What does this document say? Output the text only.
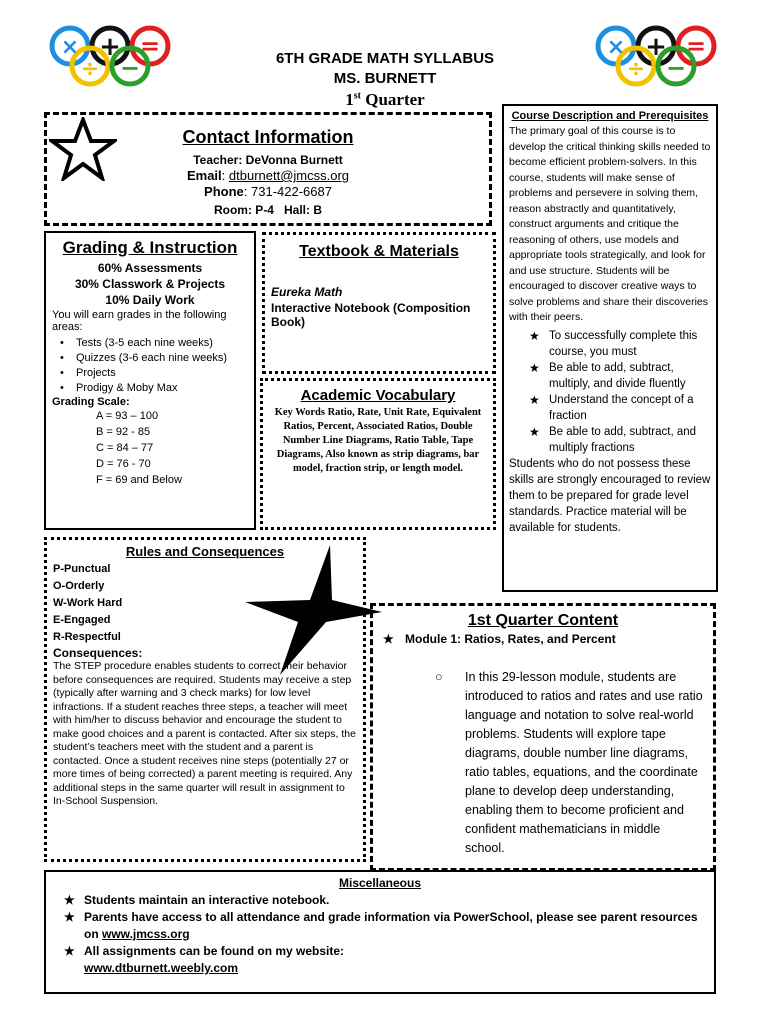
× + =
÷ −
× + =
÷ −
6TH GRADE MATH SYLLABUS
MS. BURNETT
1st Quarter
Contact Information
Teacher: DeVonna Burnett
Email: dtburnett@jmcss.org
Phone: 731-422-6687
Room: P-4   Hall: B
Grading & Instruction
60% Assessments
30% Classwork & Projects
10% Daily Work
You will earn grades in the following areas:
• Tests (3-5 each nine weeks)
• Quizzes (3-6 each nine weeks)
• Projects
• Prodigy & Moby Max
Grading Scale:
A = 93 – 100
B = 92 - 85
C = 84 – 77
D = 76 - 70
F = 69 and Below
Textbook & Materials
Eureka Math
Interactive Notebook (Composition Book)
Academic Vocabulary
Key Words Ratio, Rate, Unit Rate, Equivalent Ratios, Percent, Associated Ratios, Double Number Line Diagrams, Ratio Table, Tape Diagrams, Also known as strip diagrams, bar model, fraction strip, or length model.
Course Description and Prerequisites
The primary goal of this course is to develop the critical thinking skills needed to become efficient problem-solvers. In this course, students will make sense of problems and persevere in solving them, reason abstractly and quantitatively, construct arguments and critique the reasoning of others, use models and appropriate tools strategically, and look for and use structure. Students will be encouraged to discover creative ways to solve problems and share their discoveries with their peers.
★ To successfully complete this course, you must
★ Be able to add, subtract, multiply, and divide fluently
★ Understand the concept of a fraction
★ Be able to add, subtract, and multiply fractions
Students who do not possess these skills are strongly encouraged to review them to be prepared for grade level standards. Practice material will be available for students.
Rules and Consequences
P-Punctual
O-Orderly
W-Work Hard
E-Engaged
R-Respectful
Consequences:
The STEP procedure enables students to correct their behavior before consequences are required. Students may receive a step (typically after warning and 3 check marks) for low level infractions. If a student reaches three steps, a teacher will meet with him/her to discuss behavior and encourage the student to make good choices and a parent is contacted. After six steps, the student’s teachers meet with the student and a parent is contacted. Once a student receives nine steps (potentially 27 or more times of being corrected) a parent meeting is required. Any additional steps in the same quarter will result in assignment to In-School Suspension.
1st Quarter Content
★ Module 1: Ratios, Rates, and Percent
○ In this 29-lesson module, students are introduced to ratios and rates and use ratio language and notation to solve real-world problems. Students will explore tape diagrams, double number line diagrams, ratio tables, equations, and the coordinate plane to develop deep understanding, enabling them to become proficient and confident mathematicians in middle school.
Miscellaneous
★ Students maintain an interactive notebook.
★ Parents have access to all attendance and grade information via PowerSchool, please see parent resources on www.jmcss.org
★ All assignments can be found on my website:
www.dtburnett.weebly.com
